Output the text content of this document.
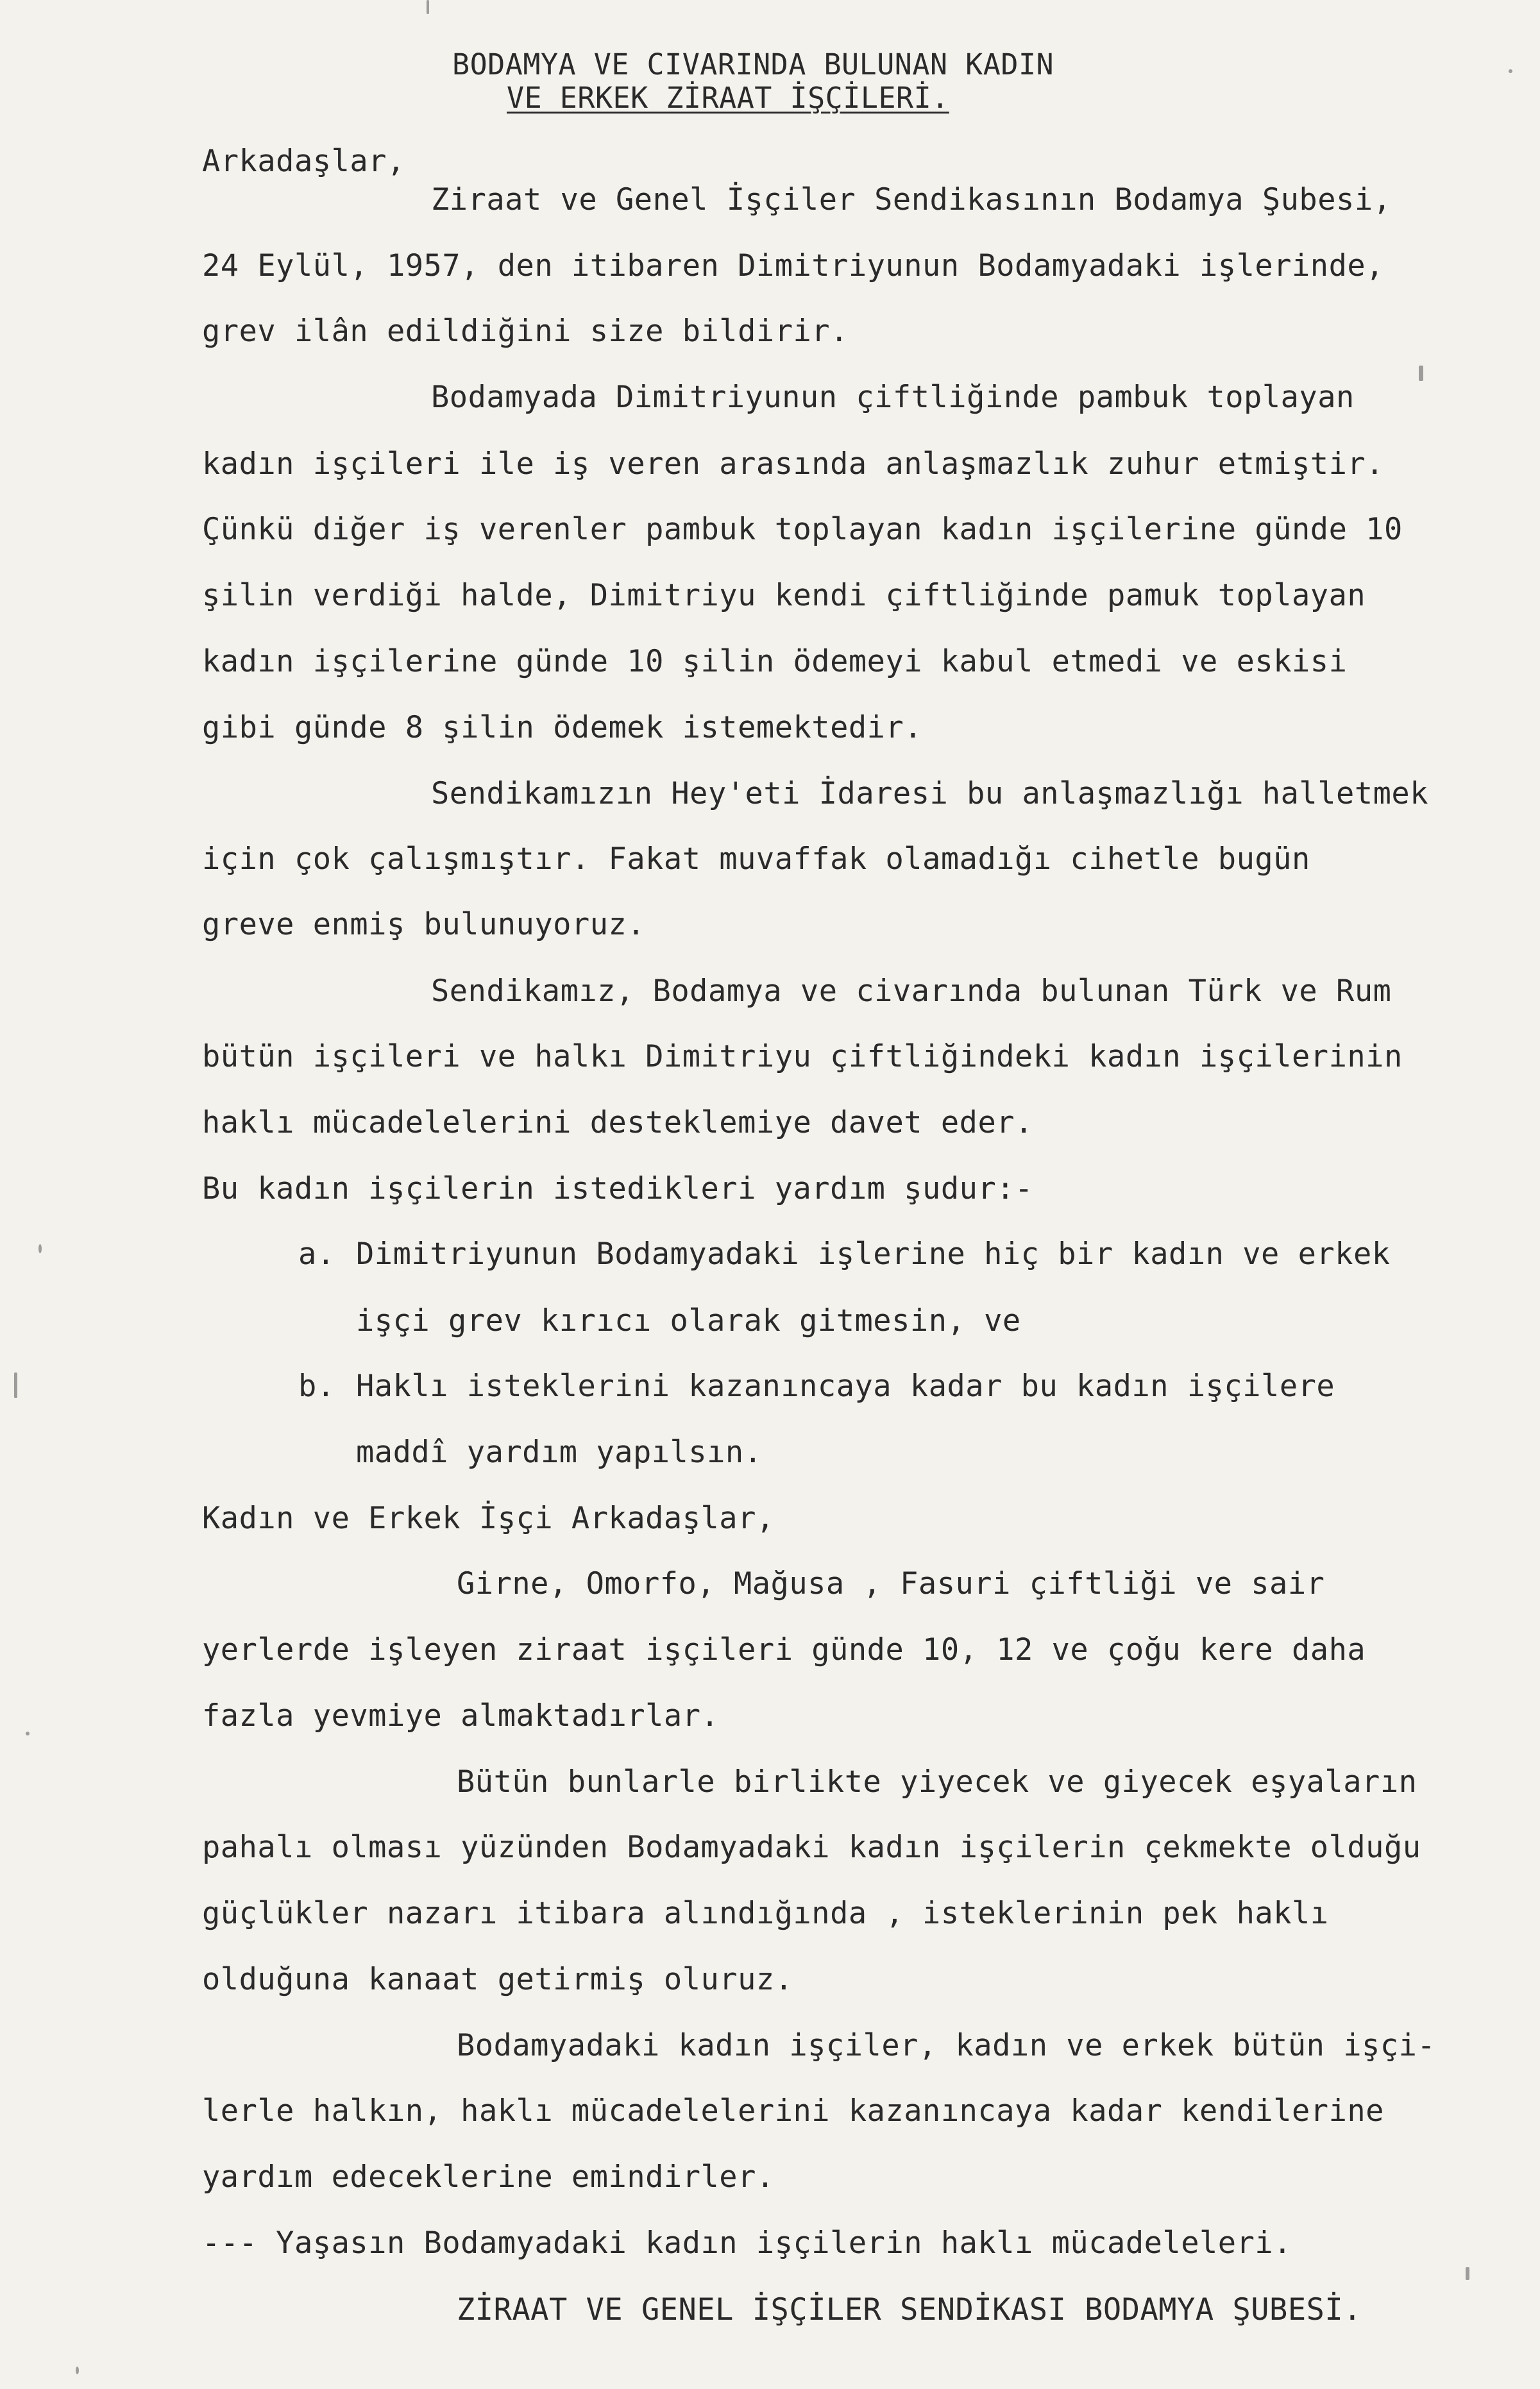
BODAMYA VE CIVARINDA BULUNAN KADIN
VE ERKEK ZİRAAT İŞÇİLERİ.
Arkadaşlar,
Ziraat ve Genel İşçiler Sendikasının Bodamya Şubesi,
24 Eylül, 1957, den itibaren Dimitriyunun Bodamyadaki işlerinde,
grev ilân edildiğini size bildirir.
Bodamyada Dimitriyunun çiftliğinde pambuk toplayan
kadın işçileri ile iş veren arasında anlaşmazlık zuhur etmiştir.
Çünkü diğer iş verenler pambuk toplayan kadın işçilerine günde 10
şilin verdiği halde, Dimitriyu kendi çiftliğinde pamuk toplayan
kadın işçilerine günde 10 şilin ödemeyi kabul etmedi ve eskisi
gibi günde 8 şilin ödemek istemektedir.
Sendikamızın Hey'eti İdaresi bu anlaşmazlığı halletmek
için çok çalışmıştır. Fakat muvaffak olamadığı cihetle bugün
greve enmiş bulunuyoruz.
Sendikamız, Bodamya ve civarında bulunan Türk ve Rum
bütün işçileri ve halkı Dimitriyu çiftliğindeki kadın işçilerinin
haklı mücadelelerini desteklemiye davet eder.
Bu kadın işçilerin istedikleri yardım şudur:-
a. Dimitriyunun Bodamyadaki işlerine hiç bir kadın ve erkek
işçi grev kırıcı olarak gitmesin, ve
b. Haklı isteklerini kazanıncaya kadar bu kadın işçilere
maddî yardım yapılsın.
Kadın ve Erkek İşçi Arkadaşlar,
Girne, Omorfo, Mağusa , Fasuri çiftliği ve sair
yerlerde işleyen ziraat işçileri günde 10, 12 ve çoğu kere daha
fazla yevmiye almaktadırlar.
Bütün bunlarle birlikte yiyecek ve giyecek eşyaların
pahalı olması yüzünden Bodamyadaki kadın işçilerin çekmekte olduğu
güçlükler nazarı itibara alındığında , isteklerinin pek haklı
olduğuna kanaat getirmiş oluruz.
Bodamyadaki kadın işçiler, kadın ve erkek bütün işçi-
lerle halkın, haklı mücadelelerini kazanıncaya kadar kendilerine
yardım edeceklerine emindirler.
--- Yaşasın Bodamyadaki kadın işçilerin haklı mücadeleleri.
ZİRAAT VE GENEL İŞÇİLER SENDİKASI BODAMYA ŞUBESİ.
